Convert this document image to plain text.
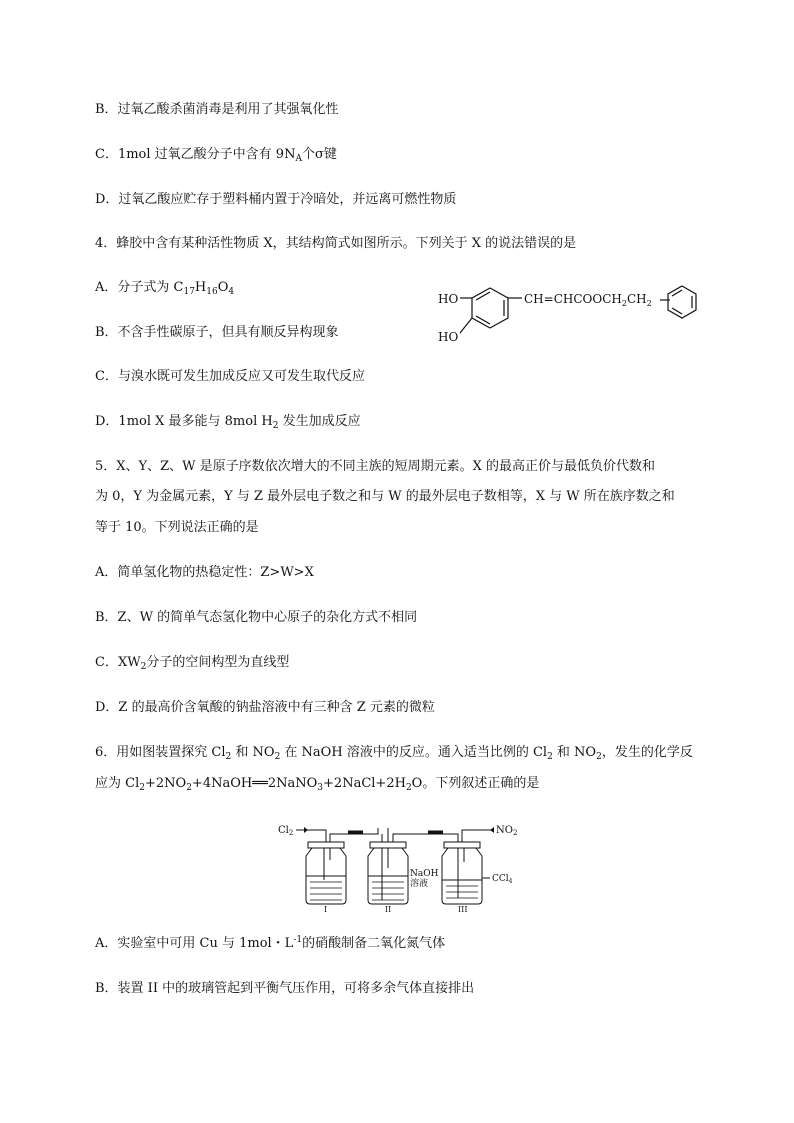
B．过氧乙酸杀菌消毒是利用了其强氧化性
C．1mol 过氧乙酸分子中含有 $9N_A$个σ键
D．过氧乙酸应贮存于塑料桶内置于冷暗处，并远离可燃性物质
4．蜂胶中含有某种活性物质 X，其结构简式如图所示。下列关于 X 的说法错误的是
A．分子式为 $C_{17}H_{16}O_4$
B．不含手性碳原子，但具有顺反异构现象
C．与溴水既可发生加成反应又可发生取代反应
D．1mol X 最多能与 8mol $H_2$ 发生加成反应
HO
HO
$CH=CHCOOCH_2CH_2$
5．X、Y、Z、W 是原子序数依次增大的不同主族的短周期元素。X 的最高正价与最低负价代数和
为 0，Y 为金属元素，Y 与 Z 最外层电子数之和与 W 的最外层电子数相等，X 与 W 所在族序数之和
等于 10。下列说法正确的是
A．简单氢化物的热稳定性：Z>W>X
B．Z、W 的简单气态氢化物中心原子的杂化方式不相同
C．$XW_2$分子的空间构型为直线型
D．Z 的最高价含氧酸的钠盐溶液中有三种含 Z 元素的微粒
6．用如图装置探究 $Cl_2$ 和 $NO_2$ 在 NaOH 溶液中的反应。通入适当比例的 $Cl_2$ 和 $NO_2$，发生的化学反
应为 $Cl_2+2NO_2+4NaOH══2NaNO_3+2NaCl+2H_2O$。下列叙述正确的是
$Cl_2$	$NO_2$
NaOH
溶液	CCl$_4$
I	II	III
A．实验室中可用 Cu 与 1mol・$L^{-1}$的硝酸制备二氧化氮气体
B．装置 II 中的玻璃管起到平衡气压作用，可将多余气体直接排出
